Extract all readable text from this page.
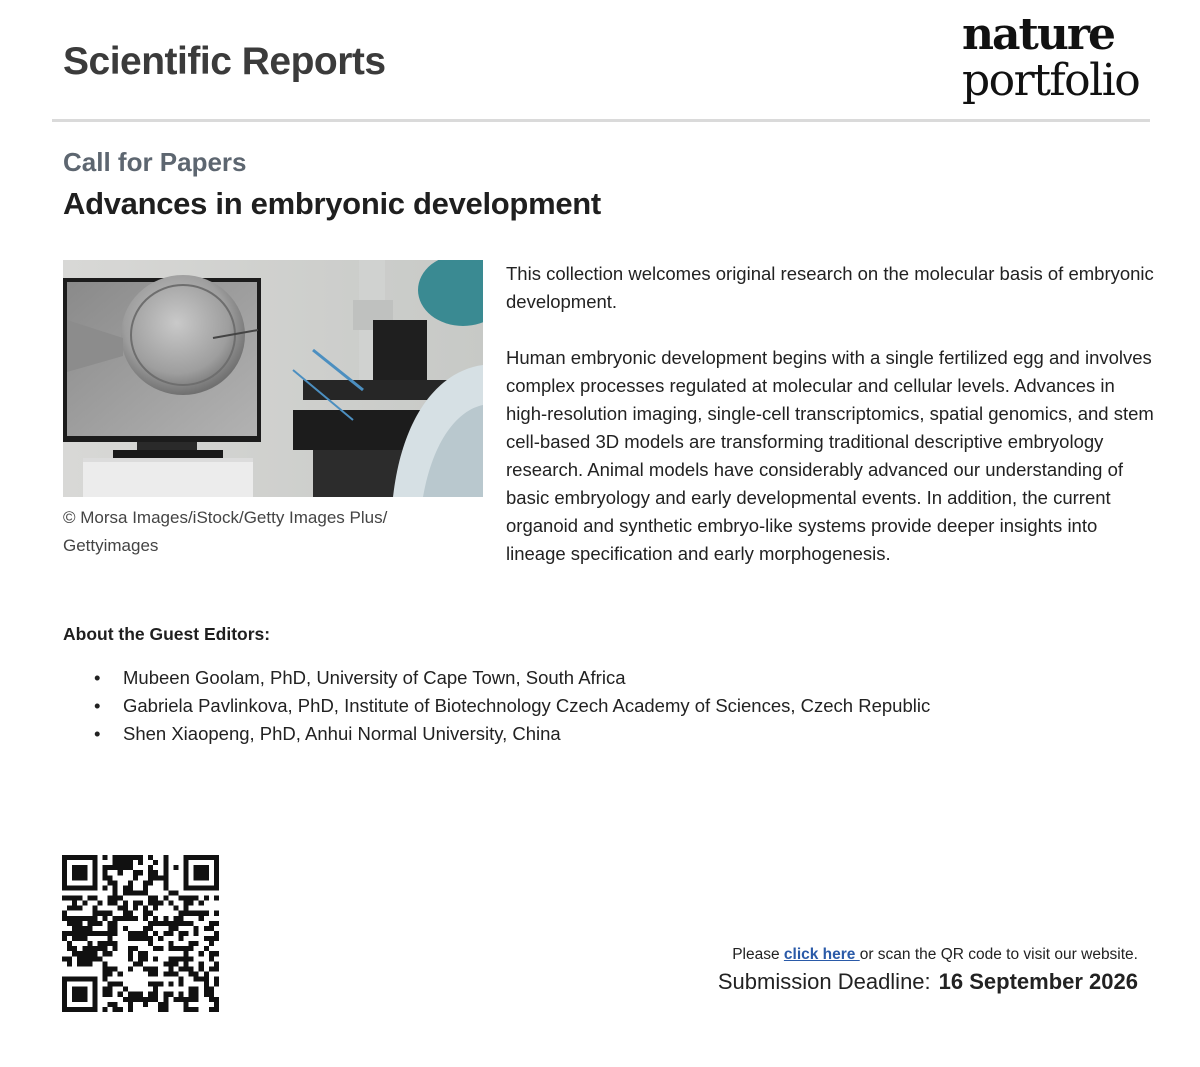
Scientific Reports
nature
portfolio
Call for Papers
Advances in embryonic development
© Morsa Images/iStock/Getty Images Plus/ Gettyimages

This collection welcomes original research on the molecular basis of embryonic development.

Human embryonic development begins with a single fertilized egg and involves complex processes regulated at molecular and cellular levels. Advances in high-resolution imaging, single-cell transcriptomics, spatial genomics, and stem cell-based 3D models are transforming traditional descriptive embryology research. Animal models have considerably advanced our understanding of basic embryology and early developmental events. In addition, the current organoid and synthetic embryo-like systems provide deeper insights into lineage specification and early morphogenesis.

About the Guest Editors:
• Mubeen Goolam, PhD, University of Cape Town, South Africa
• Gabriela Pavlinkova, PhD, Institute of Biotechnology Czech Academy of Sciences, Czech Republic
• Shen Xiaopeng, PhD, Anhui Normal University, China
Please click here or scan the QR code to visit our website.
Submission Deadline: 16 September 2026
